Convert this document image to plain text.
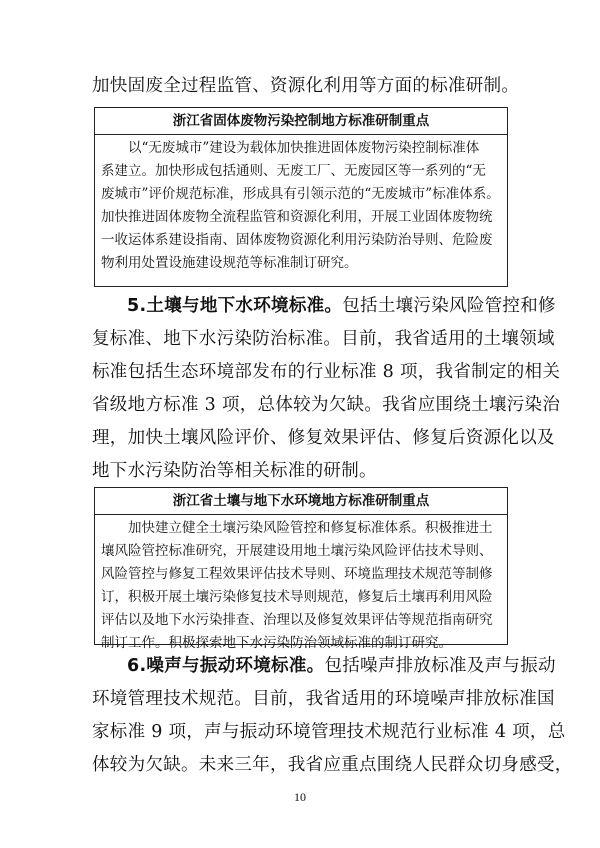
加快固废全过程监管、资源化利用等方面的标准研制。
浙江省固体废物污染控制地方标准研制重点
以“无废城市”建设为载体加快推进固体废物污染控制标准体
系建立。加快形成包括通则、无废工厂、无废园区等一系列的“无
废城市”评价规范标准，形成具有引领示范的“无废城市”标准体系。
加快推进固体废物全流程监管和资源化利用，开展工业固体废物统
一收运体系建设指南、固体废物资源化利用污染防治导则、危险废
物利用处置设施建设规范等标准制订研究。
5.土壤与地下水环境标准。包括土壤污染风险管控和修
复标准、地下水污染防治标准。目前，我省适用的土壤领域
标准包括生态环境部发布的行业标准 8 项，我省制定的相关
省级地方标准 3 项，总体较为欠缺。我省应围绕土壤污染治
理，加快土壤风险评价、修复效果评估、修复后资源化以及
地下水污染防治等相关标准的研制。
浙江省土壤与地下水环境地方标准研制重点
加快建立健全土壤污染风险管控和修复标准体系。积极推进土
壤风险管控标准研究，开展建设用地土壤污染风险评估技术导则、
风险管控与修复工程效果评估技术导则、环境监理技术规范等制修
订，积极开展土壤污染修复技术导则规范，修复后土壤再利用风险
评估以及地下水污染排查、治理以及修复效果评估等规范指南研究
制订工作。积极探索地下水污染防治领域标准的制订研究。
6.噪声与振动环境标准。包括噪声排放标准及声与振动
环境管理技术规范。目前，我省适用的环境噪声排放标准国
家标准 9 项，声与振动环境管理技术规范行业标准 4 项，总
体较为欠缺。未来三年，我省应重点围绕人民群众切身感受，
10
